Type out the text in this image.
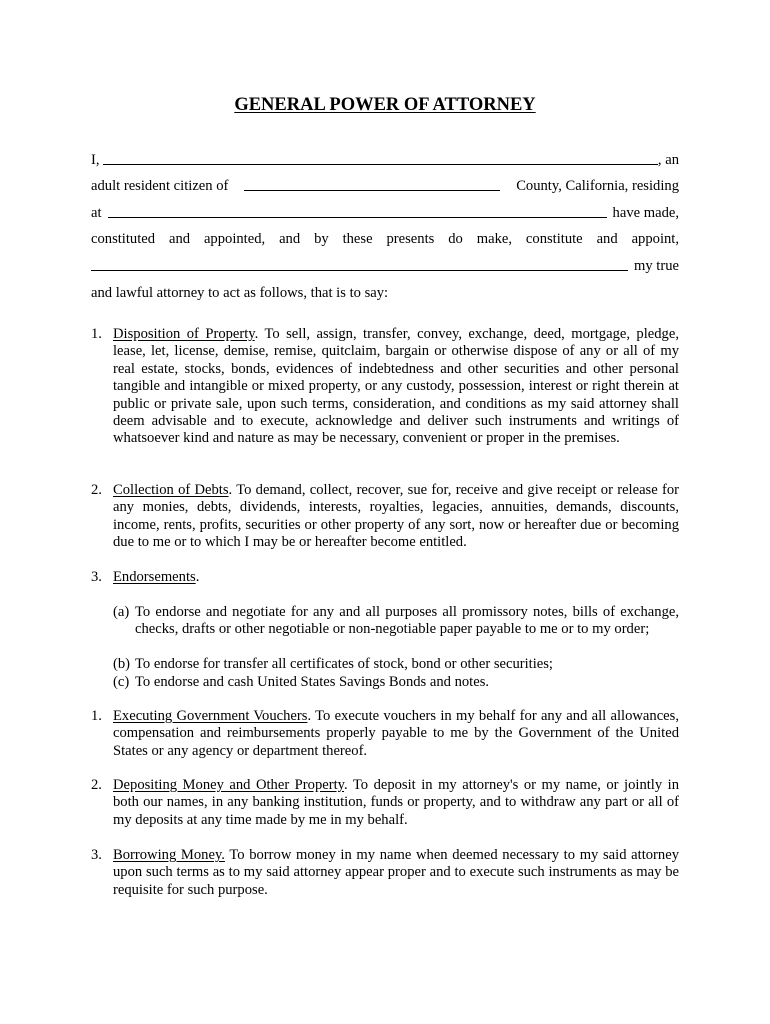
GENERAL POWER OF ATTORNEY
I,	, an
adult resident citizen of	County, California, residing
at	have made,
constituted and appointed, and by these presents do make, constitute and appoint,
my true
and lawful attorney to act as follows, that is to say:
1. Disposition of Property. To sell, assign, transfer, convey, exchange, deed, mortgage, pledge, lease, let, license, demise, remise, quitclaim, bargain or otherwise dispose of any or all of my real estate, stocks, bonds, evidences of indebtedness and other securities and other personal tangible and intangible or mixed property, or any custody, possession, interest or right therein at public or private sale, upon such terms, consideration, and conditions as my said attorney shall deem advisable and to execute, acknowledge and deliver such instruments and writings of whatsoever kind and nature as may be necessary, convenient or proper in the premises.
2. Collection of Debts. To demand, collect, recover, sue for, receive and give receipt or release for any monies, debts, dividends, interests, royalties, legacies, annuities, demands, discounts, income, rents, profits, securities or other property of any sort, now or hereafter due or becoming due to me or to which I may be or hereafter become entitled.
3. Endorsements.
(a) To endorse and negotiate for any and all purposes all promissory notes, bills of exchange, checks, drafts or other negotiable or non-negotiable paper payable to me or to my order;
(b) To endorse for transfer all certificates of stock, bond or other securities;
(c) To endorse and cash United States Savings Bonds and notes.
1. Executing Government Vouchers. To execute vouchers in my behalf for any and all allowances, compensation and reimbursements properly payable to me by the Government of the United States or any agency or department thereof.
2. Depositing Money and Other Property. To deposit in my attorney's or my name, or jointly in both our names, in any banking institution, funds or property, and to withdraw any part or all of my deposits at any time made by me in my behalf.
3. Borrowing Money. To borrow money in my name when deemed necessary to my said attorney upon such terms as to my said attorney appear proper and to execute such instruments as may be requisite for such purpose.
